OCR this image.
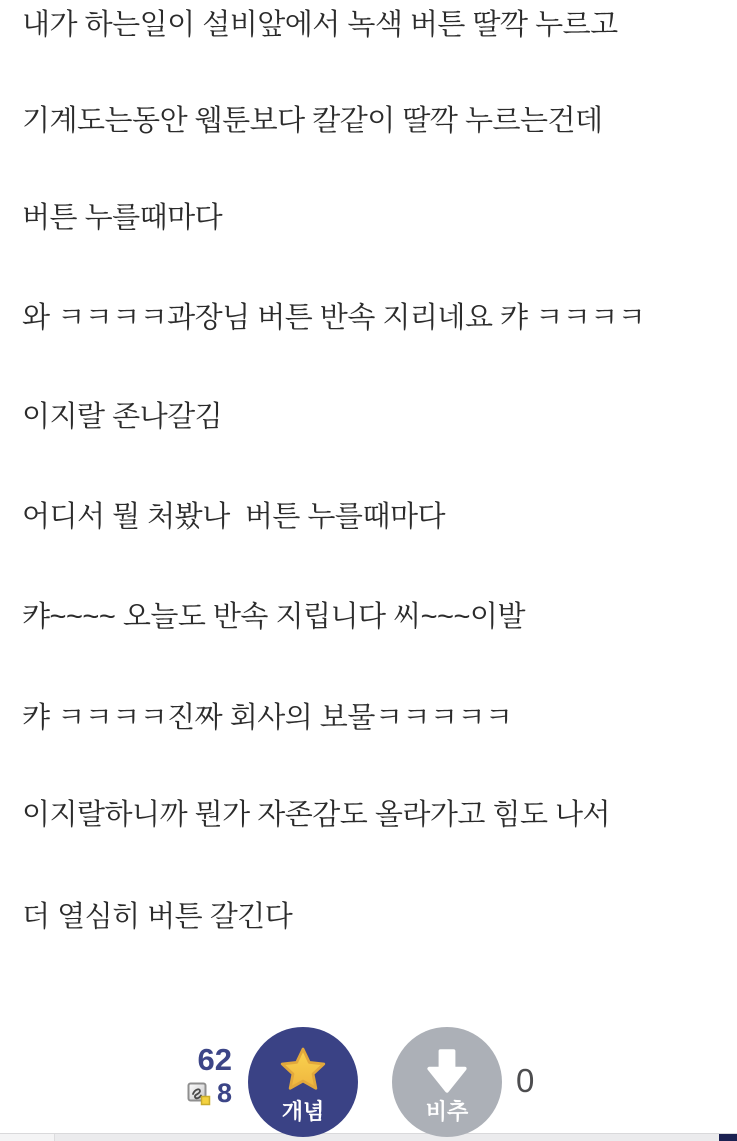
내가 하는일이 설비앞에서 녹색 버튼 딸깍 누르고

기계도는동안 웹툰보다 칼같이 딸깍 누르는건데

버튼 누를때마다

와 ㅋㅋㅋㅋ과장님 버튼 반속 지리네요 캬 ㅋㅋㅋㅋ

이지랄 존나갈김

어디서 뭘 처봤나  버튼 누를때마다

캬~~~~ 오늘도 반속 지립니다 씨~~~이발

캬 ㅋㅋㅋㅋ진짜 회사의 보물ㅋㅋㅋㅋㅋ

이지랄하니까 뭔가 자존감도 올라가고 힘도 나서

더 열심히 버튼 갈긴다

62
8
개념	비추
0
